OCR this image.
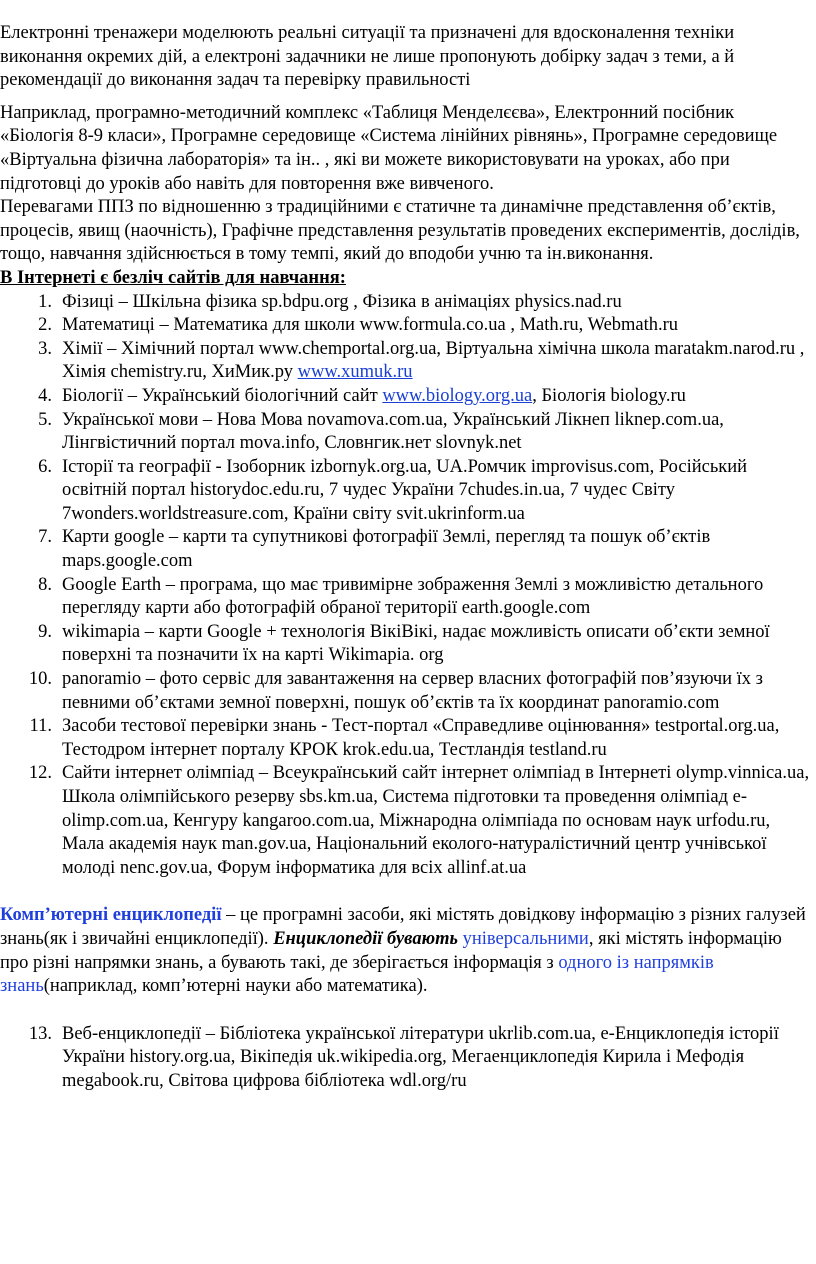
Електронні тренажери моделюють реальні ситуації та призначені для вдосконалення техніки виконання окремих дій, а електроні задачники не лише пропонують добірку задач з теми, а й рекомендації до виконання задач та перевірку правильності

Наприклад, програмно-методичний комплекс «Таблиця Менделєєва», Електронний посібник «Біологія 8-9 класи», Програмне середовище «Система лінійних рівнянь», Програмне середовище «Віртуальна фізична лабораторія» та ін.. , які ви можете використовувати на уроках, або при підготовці до уроків або навіть для повторення вже вивченого.

Перевагами ППЗ по відношенню з традиційними є статичне та динамічне представлення об’єктів, процесів, явищ (наочність), Графічне представлення результатів проведених експериментів, дослідів, тощо, навчання здійснюється в тому темпі, який до вподоби учню та ін.виконання.

В Інтернеті є безліч сайтів для навчання:

1. Фізиці – Шкільна фізика sp.bdpu.org , Фізика в анімаціях physics.nad.ru
2. Математиці – Математика для школи www.formula.co.ua , Math.ru, Webmath.ru
3. Хімії – Хімічний портал www.chemportal.org.ua, Віртуальна хімічна школа maratakm.narod.ru , Хімія chemistry.ru, ХиМик.ру www.xumuk.ru
4. Біології – Український біологічний сайт www.biology.org.ua, Біологія biology.ru
5. Української мови – Нова Мова novamova.com.ua, Український Лікнеп liknep.com.ua, Лінгвістичний портал mova.info, Словнгик.нет slovnyk.net
6. Історії та географії - Ізоборник izbornyk.org.ua, UA.Ромчик improvisus.com, Російський освітній портал historydoc.edu.ru, 7 чудес України 7chudes.in.ua, 7 чудес Світу 7wonders.worldstreasure.com, Країни світу svit.ukrinform.ua
7. Карти google – карти та супутникові фотографії Землі, перегляд та пошук об’єктів maps.google.com
8. Google Earth – програма, що має тривимірне зображення Землі з можливістю детального перегляду карти або фотографій обраної території earth.google.com
9. wikimapia – карти Google + технологія ВікіВікі, надає можливість описати об’єкти земної поверхні та позначити їх на карті Wikimapia. org
10. panoramio – фото сервіс для завантаження на сервер власних фотографій пов’язуючи їх з певними об’єктами земної поверхні, пошук об’єктів та їх координат panoramio.com
11. Засоби тестової перевірки знань - Тест-портал «Справедливе оцінювання» testportal.org.ua, Тестодром інтернет порталу КРОК krok.edu.ua, Тестландія testland.ru
12. Сайти інтернет олімпіад – Всеукраїнський сайт інтернет олімпіад в Інтернеті olymp.vinnica.ua, Школа олімпійського резерву sbs.km.ua, Система підготовки та проведення олімпіад e-olimp.com.ua, Кенгуру kangaroo.com.ua, Міжнародна олімпіада по основам наук urfodu.ru, Мала академія наук man.gov.ua, Національний еколого-натуралістичний центр учнівської молоді nenc.gov.ua, Форум інформатика для всіх allinf.at.ua

Комп’ютерні енциклопедії – це програмні засоби, які містять довідкову інформацію з різних галузей знань(як і звичайні енциклопедії). Енциклопедії бувають універсальними, які містять інформацію про різні напрямки знань, а бувають такі, де зберігається інформація з одного із напрямків знань(наприклад, комп’ютерні науки або математика).

13. Веб-енциклопедії – Бібліотека української літератури ukrlib.com.ua, е-Енциклопедія історії України history.org.ua, Вікіпедія uk.wikipedia.org, Мегаенциклопедія Кирила і Мефодія megabook.ru, Світова цифрова бібліотека wdl.org/ru
